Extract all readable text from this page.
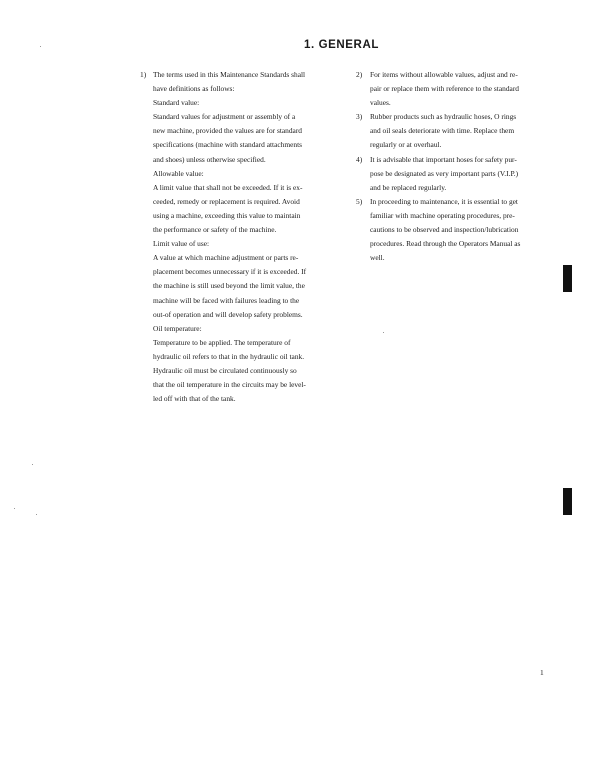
1. GENERAL
1) The terms used in this Maintenance Standards shall
have definitions as follows:
Standard value:
Standard values for adjustment or assembly of a
new machine, provided the values are for standard
specifications (machine with standard attachments
and shoes) unless otherwise specified.
Allowable value:
A limit value that shall not be exceeded. If it is ex-
ceeded, remedy or replacement is required. Avoid
using a machine, exceeding this value to maintain
the performance or safety of the machine.
Limit value of use:
A value at which machine adjustment or parts re-
placement becomes unnecessary if it is exceeded. If
the machine is still used beyond the limit value, the
machine will be faced with failures leading to the
out-of operation and will develop safety problems.
Oil temperature:
Temperature to be applied. The temperature of
hydraulic oil refers to that in the hydraulic oil tank.
Hydraulic oil must be circulated continuously so
that the oil temperature in the circuits may be level-
led off with that of the tank.
2) For items without allowable values, adjust and re-
pair or replace them with reference to the standard
values.
3) Rubber products such as hydraulic hoses, O rings
and oil seals deteriorate with time. Replace them
regularly or at overhaul.
4) It is advisable that important hoses for safety pur-
pose be designated as very important parts (V.I.P.)
and be replaced regularly.
5) In proceeding to maintenance, it is essential to get
familiar with machine operating procedures, pre-
cautions to be observed and inspection/lubrication
procedures. Read through the Operators Manual as
well.
1
